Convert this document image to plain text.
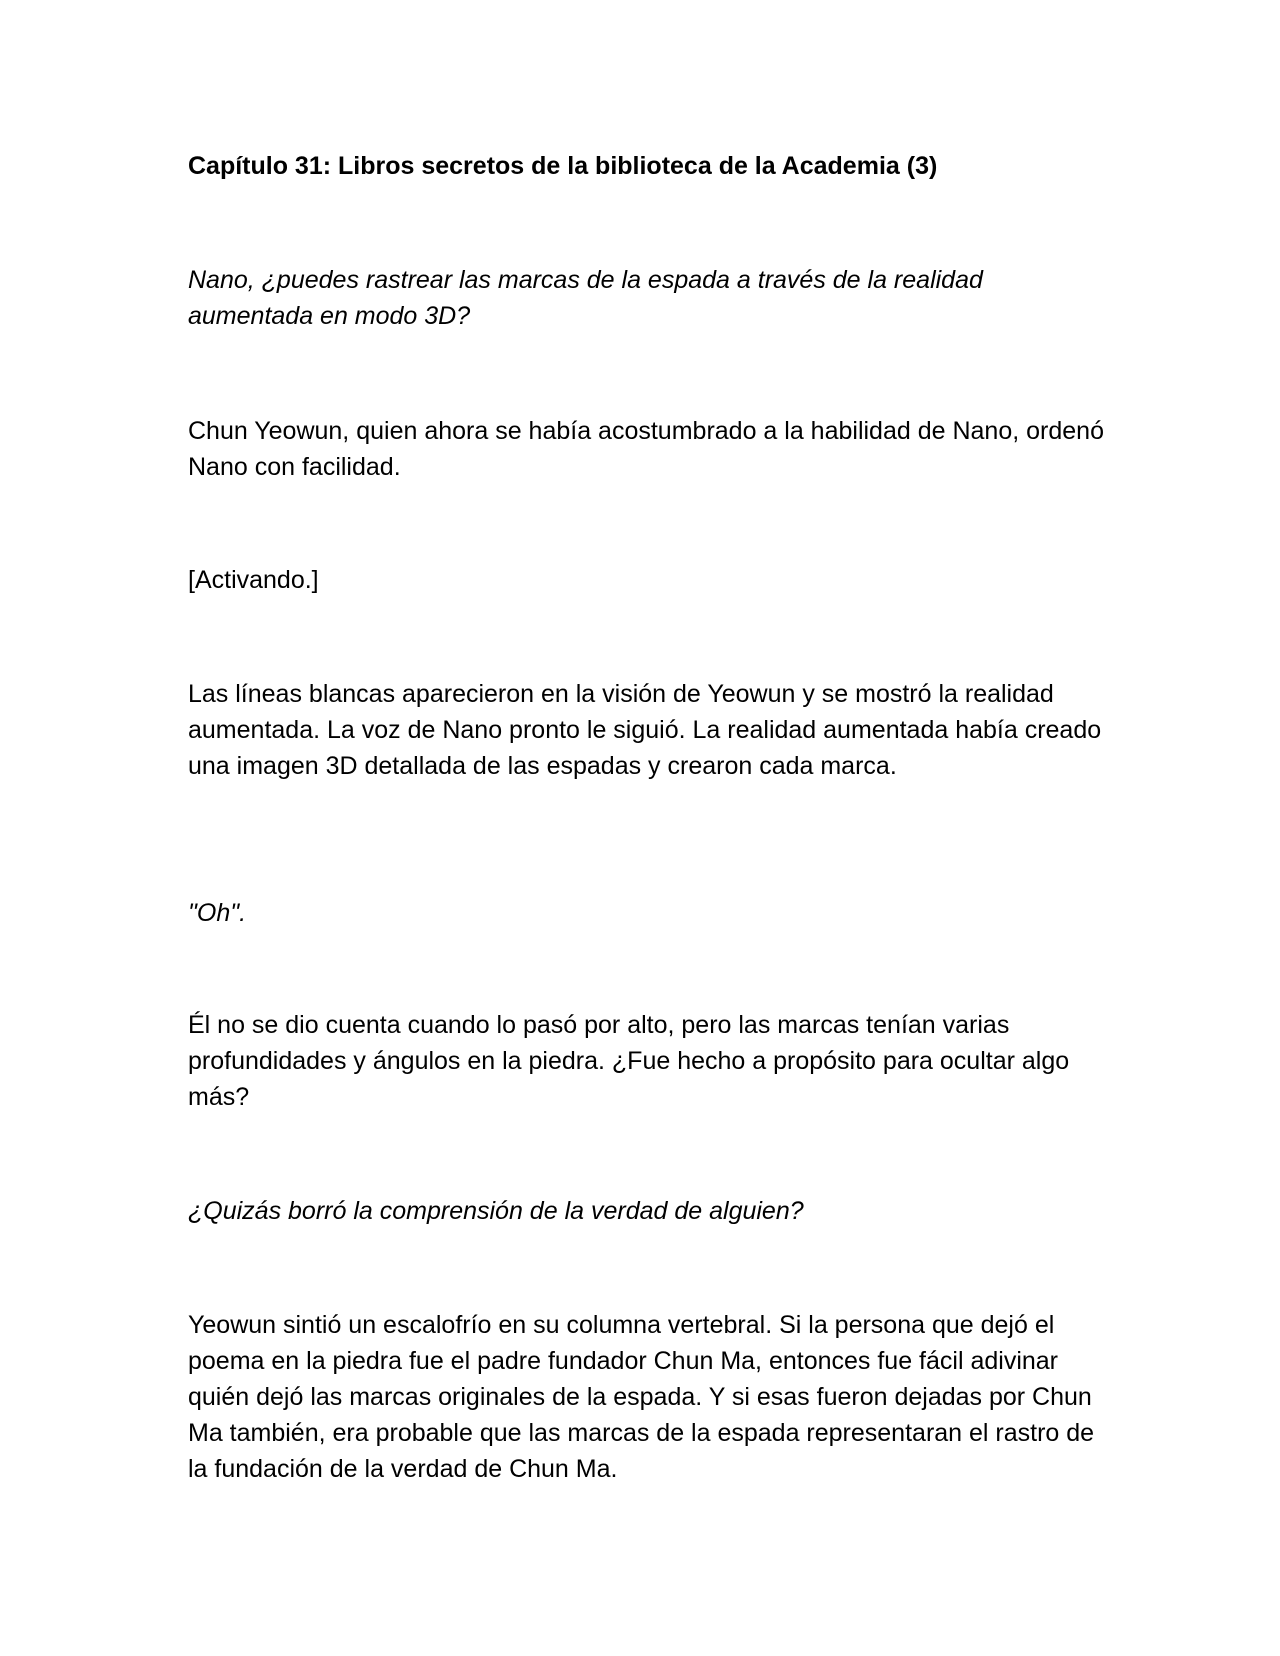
Capítulo 31: Libros secretos de la biblioteca de la Academia (3)

Nano, ¿puedes rastrear las marcas de la espada a través de la realidad aumentada en modo 3D?

Chun Yeowun, quien ahora se había acostumbrado a la habilidad de Nano, ordenó Nano con facilidad.

[Activando.]

Las líneas blancas aparecieron en la visión de Yeowun y se mostró la realidad aumentada. La voz de Nano pronto le siguió. La realidad aumentada había creado una imagen 3D detallada de las espadas y crearon cada marca.

"Oh".

Él no se dio cuenta cuando lo pasó por alto, pero las marcas tenían varias profundidades y ángulos en la piedra. ¿Fue hecho a propósito para ocultar algo más?

¿Quizás borró la comprensión de la verdad de alguien?

Yeowun sintió un escalofrío en su columna vertebral. Si la persona que dejó el poema en la piedra fue el padre fundador Chun Ma, entonces fue fácil adivinar quién dejó las marcas originales de la espada. Y si esas fueron dejadas por Chun Ma también, era probable que las marcas de la espada representaran el rastro de la fundación de la verdad de Chun Ma.
